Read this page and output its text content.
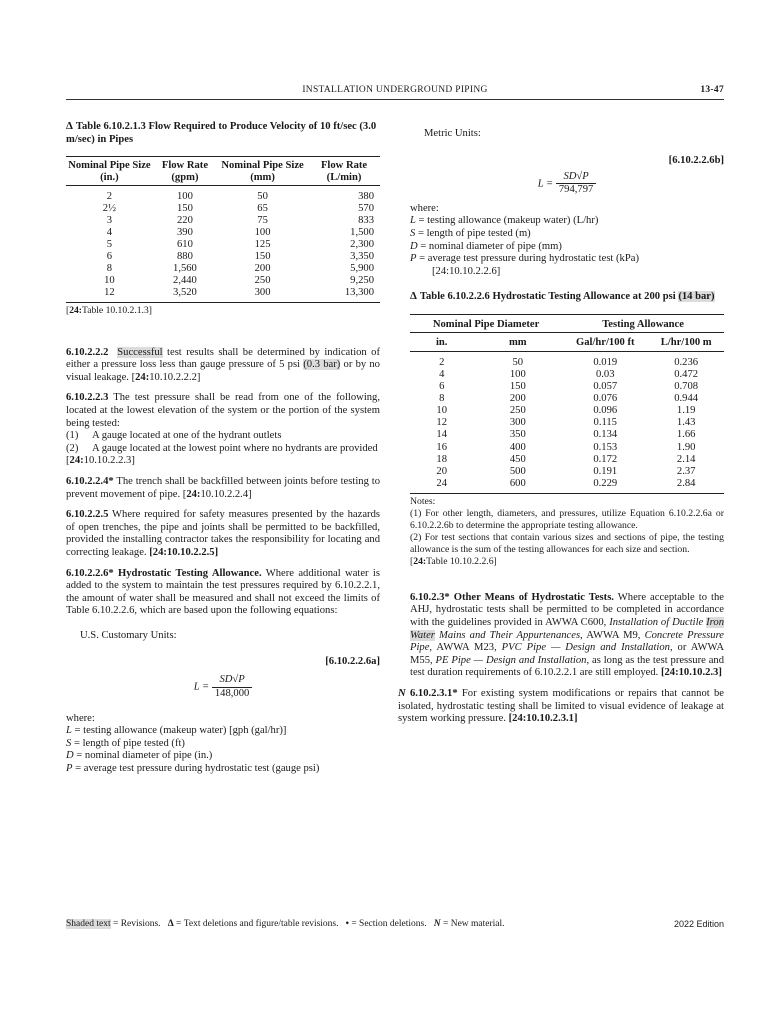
INSTALLATION UNDERGROUND PIPING	13-47
Δ Table 6.10.2.1.3 Flow Required to Produce Velocity of 10 ft/sec (3.0 m/sec) in Pipes
Nominal Pipe Size (in.)	Flow Rate (gpm)	Nominal Pipe Size (mm)	Flow Rate (L/min)
2	100	50	380
2½	150	65	570
3	220	75	833
4	390	100	1,500
5	610	125	2,300
6	880	150	3,350
8	1,560	200	5,900
10	2,440	250	9,250
12	3,520	300	13,300
[24:Table 10.10.2.1.3]

6.10.2.2.2 Successful test results shall be determined by indication of either a pressure loss less than gauge pressure of 5 psi (0.3 bar) or by no visual leakage. [24:10.10.2.2.2]

6.10.2.2.3 The test pressure shall be read from one of the following, located at the lowest elevation of the system or the portion of the system being tested:

(1)	A gauge located at one of the hydrant outlets
(2)	A gauge located at the lowest point where no hydrants are provided
[24:10.10.2.2.3]

6.10.2.2.4* The trench shall be backfilled between joints before testing to prevent movement of pipe. [24:10.10.2.2.4]

6.10.2.2.5 Where required for safety measures presented by the hazards of open trenches, the pipe and joints shall be permitted to be backfilled, provided the installing contractor takes the responsibility for locating and correcting leakage. [24:10.10.2.2.5]

6.10.2.2.6* Hydrostatic Testing Allowance. Where additional water is added to the system to maintain the test pressures required by 6.10.2.2.1, the amount of water shall be measured and shall not exceed the limits of Table 6.10.2.2.6, which are based upon the following equations:

U.S. Customary Units:
[6.10.2.2.6a]
$L = \frac{SD√P}{148,000}$
where:
L = testing allowance (makeup water) [gph (gal/hr)]
S = length of pipe tested (ft)
D = nominal diameter of pipe (in.)
P = average test pressure during hydrostatic test (gauge psi)
Metric Units:
[6.10.2.2.6b]
$L = \frac{SD√P}{794,797}$
where:
L = testing allowance (makeup water) (L/hr)
S = length of pipe tested (m)
D = nominal diameter of pipe (mm)
P = average test pressure during hydrostatic test (kPa)
[24:10.10.2.2.6]
Δ Table 6.10.2.2.6 Hydrostatic Testing Allowance at 200 psi (14 bar)
Nominal Pipe Diameter		Testing Allowance	
in.	mm	Gal/hr/100 ft	L/hr/100 m
2	50	0.019	0.236
4	100	0.03	0.472
6	150	0.057	0.708
8	200	0.076	0.944
10	250	0.096	1.19
12	300	0.115	1.43
14	350	0.134	1.66
16	400	0.153	1.90
18	450	0.172	2.14
20	500	0.191	2.37
24	600	0.229	2.84
Notes:
(1) For other length, diameters, and pressures, utilize Equation 6.10.2.2.6a or 6.10.2.2.6b to determine the appropriate testing allowance.
(2) For test sections that contain various sizes and sections of pipe, the testing allowance is the sum of the testing allowances for each size and section.
[24:Table 10.10.2.2.6]

6.10.2.3* Other Means of Hydrostatic Tests. Where acceptable to the AHJ, hydrostatic tests shall be permitted to be completed in accordance with the guidelines provided in AWWA C600, Installation of Ductile Iron Water Mains and Their Appurtenances, AWWA M9, Concrete Pressure Pipe, AWWA M23, PVC Pipe — Design and Installation, or AWWA M55, PE Pipe — Design and Installation, as long as the test pressure and test duration requirements of 6.10.2.2.1 are still employed. [24:10.10.2.3]

N 6.10.2.3.1* For existing system modifications or repairs that cannot be isolated, hydrostatic testing shall be limited to visual evidence of leakage at system working pressure. [24:10.10.2.3.1]

Shaded text = Revisions. Δ = Text deletions and figure/table revisions. • = Section deletions. N = New material.	2022 Edition
